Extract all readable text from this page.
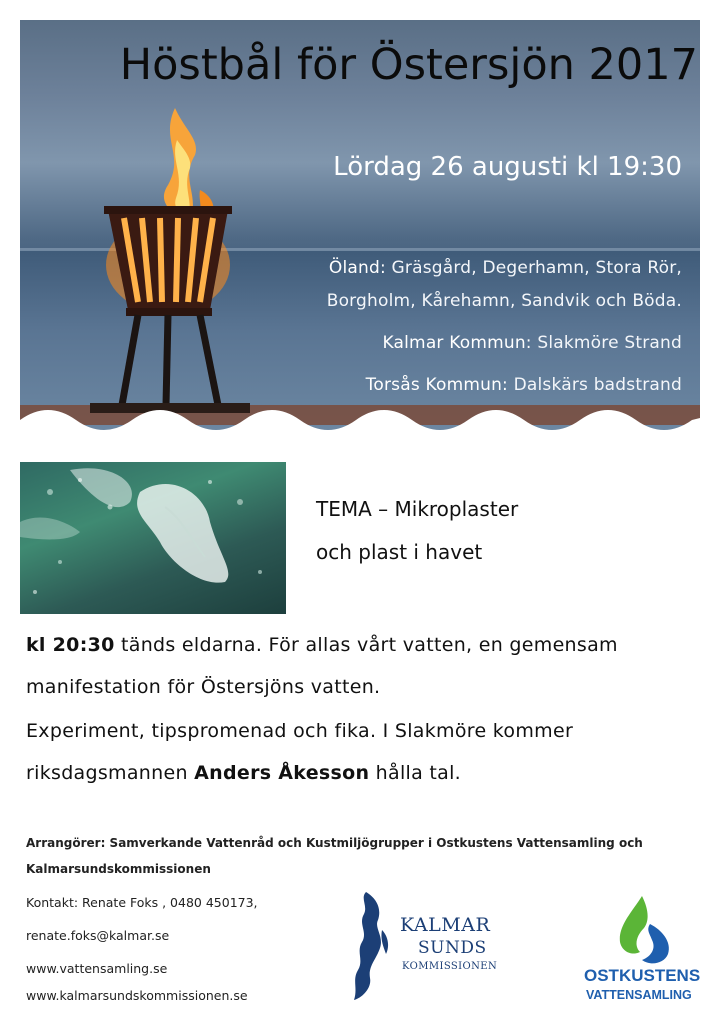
Höstbål för Östersjön 2017
Lördag 26 augusti kl 19:30
Öland: Gräsgård, Degerhamn, Stora Rör,
Borgholm, Kårehamn, Sandvik och Böda.
Kalmar Kommun: Slakmöre Strand
Torsås Kommun: Dalskärs badstrand
TEMA – Mikroplaster
och plast i havet
kl 20:30 tänds eldarna. För allas vårt vatten, en gemensam
manifestation för Östersjöns vatten.
Experiment, tipspromenad och fika. I Slakmöre kommer
riksdagsmannen Anders Åkesson hålla tal.
Arrangörer: Samverkande Vattenråd och Kustmiljögrupper i Ostkustens Vattensamling och
Kalmarsundskommissionen
Kontakt: Renate Foks , 0480 450173,
renate.foks@kalmar.se
www.vattensamling.se
www.kalmarsundskommissionen.se
KALMAR
SUNDS
KOMMISSIONEN	OSTKUSTENS
VATTENSAMLING
